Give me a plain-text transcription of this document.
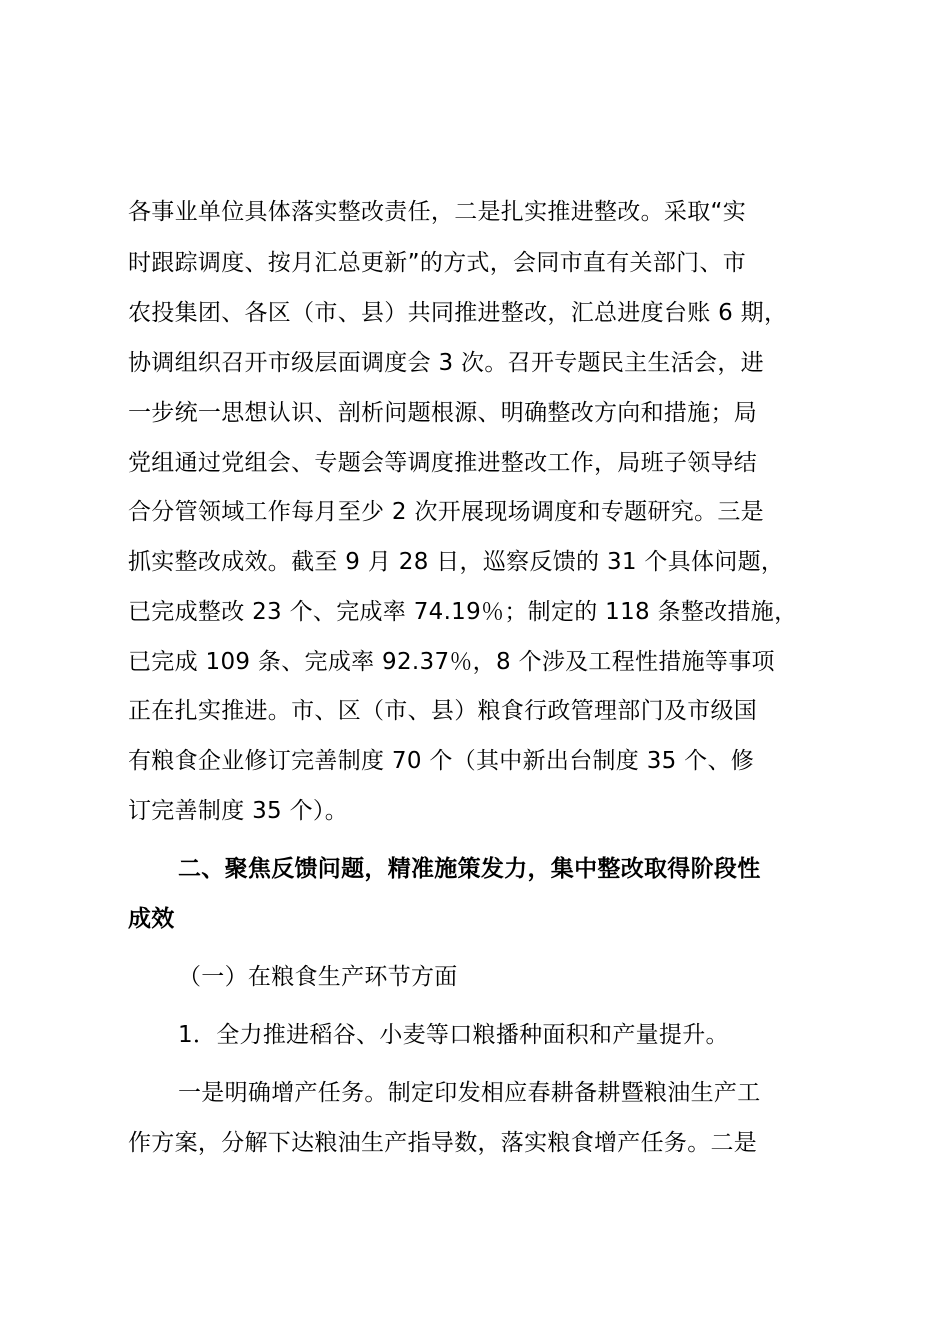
各事业单位具体落实整改责任，二是扎实推进整改。采取“实
时跟踪调度、按月汇总更新”的方式，会同市直有关部门、市
农投集团、各区（市、县）共同推进整改，汇总进度台账 6 期，
协调组织召开市级层面调度会 3 次。召开专题民主生活会，进
一步统一思想认识、剖析问题根源、明确整改方向和措施；局
党组通过党组会、专题会等调度推进整改工作，局班子领导结
合分管领域工作每月至少 2 次开展现场调度和专题研究。三是
抓实整改成效。截至 9 月 28 日，巡察反馈的 31 个具体问题，
已完成整改 23 个、完成率 74.19％；制定的 118 条整改措施，
已完成 109 条、完成率 92.37％，8 个涉及工程性措施等事项
正在扎实推进。市、区（市、县）粮食行政管理部门及市级国
有粮食企业修订完善制度 70 个（其中新出台制度 35 个、修
订完善制度 35 个）。
二、聚焦反馈问题，精准施策发力，集中整改取得阶段性
成效
（一）在粮食生产环节方面
1．全力推进稻谷、小麦等口粮播种面积和产量提升。
一是明确增产任务。制定印发相应春耕备耕暨粮油生产工
作方案，分解下达粮油生产指导数，落实粮食增产任务。二是
